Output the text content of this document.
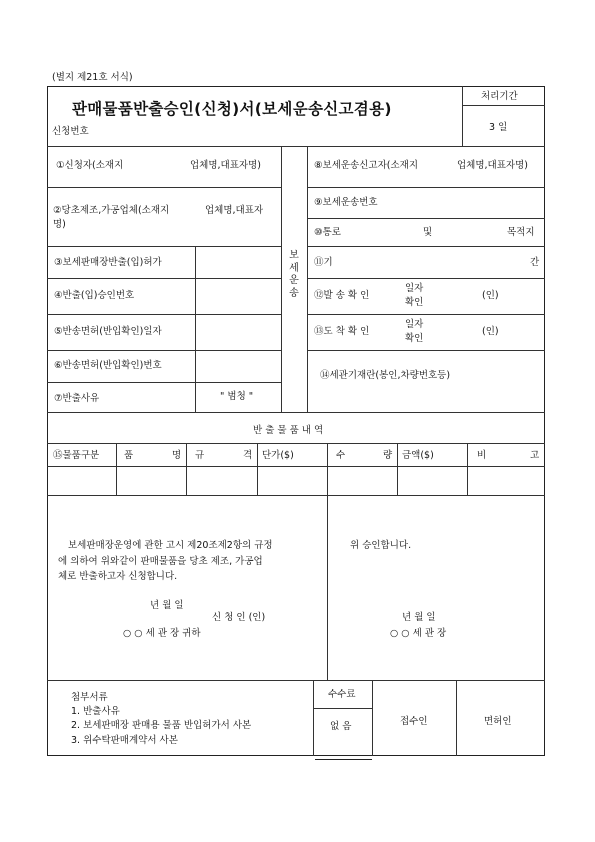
(별지 제21호 서식)
판매물품반출승인(신청)서(보세운송신고겸용)
신청번호
처리기간
3 일
①신청자(소재지	업체명,대표자명)
②당초제조,가공업체(소재지	업체명,대표자
명)
③보세판매장반출(입)허가
④반출(입)승인번호
⑤반송면허(반입확인)일자
⑥반송면허(반입확인)번호
⑦반출사유	" 범청 "
보
세
운
송
⑧보세운송신고자(소재지	업체명,대표자명)
⑨보세운송번호
⑩통로	및	목적지
⑪기	간
⑫발 송 확 인
일자
확인
(인)
⑬도 착 확 인
일자
확인
(인)
⑭세관기재란(봉인,차량번호등)
반 출 물 품 내 역
⑮물품구분	품	명 규	격 단가($)	수	량 금액($)	비	고
보세판매장운영에 관한 고시 제20조제2항의 규정
에 의하여 위와같이 판매물품을 당초 제조, 가공업
체로 반출하고자 신청합니다.
년 월 일
신 청 인 (인)
○ ○ 세 관 장 귀하
위 승인합니다.
년 월 일
○ ○ 세 관 장
첨부서류
1. 반출사유
2. 보세판매장 판매용 물품 반입허가서 사본
3. 위수탁판매계약서 사본
수수료
없 음	접수인	면허인
